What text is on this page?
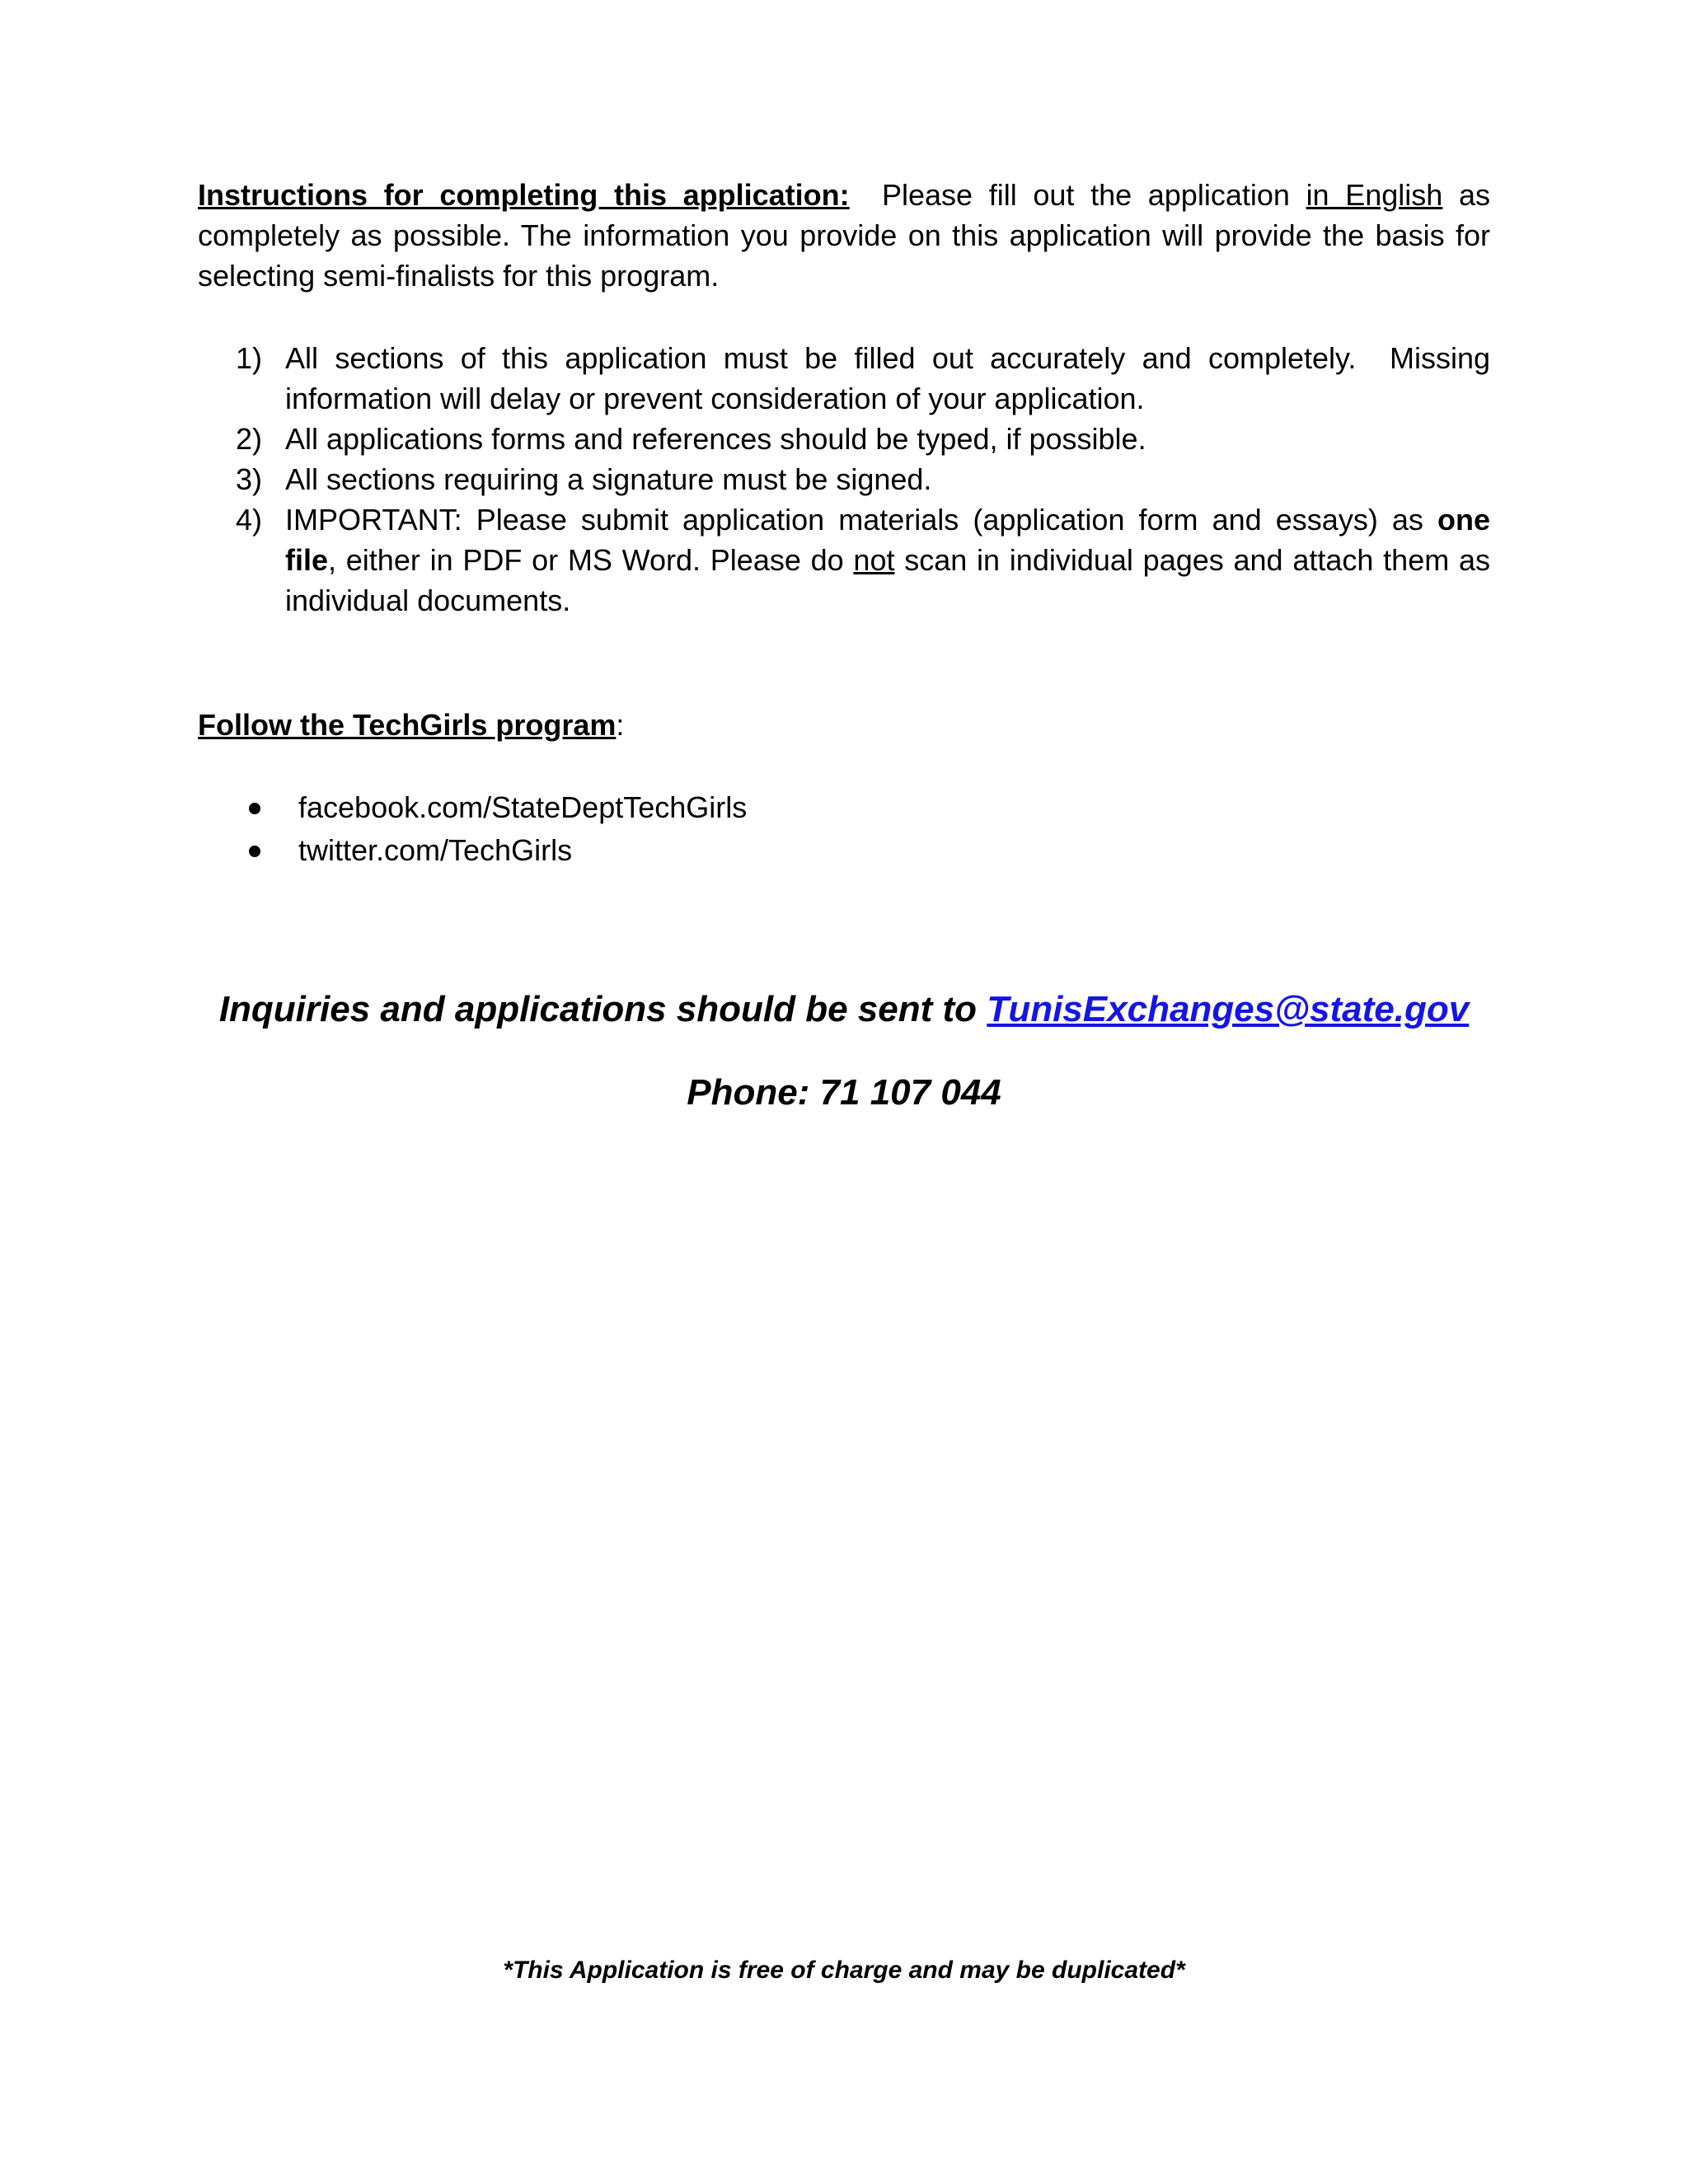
Instructions for completing this application:  Please fill out the application in English as completely as possible. The information you provide on this application will provide the basis for selecting semi-finalists for this program.
1) All sections of this application must be filled out accurately and completely.  Missing information will delay or prevent consideration of your application.
2) All applications forms and references should be typed, if possible.
3) All sections requiring a signature must be signed.
4) IMPORTANT: Please submit application materials (application form and essays) as one file, either in PDF or MS Word. Please do not scan in individual pages and attach them as individual documents.
Follow the TechGirls program:
facebook.com/StateDeptTechGirls
twitter.com/TechGirls
Inquiries and applications should be sent to TunisExchanges@state.gov
Phone: 71 107 044
*This Application is free of charge and may be duplicated*
